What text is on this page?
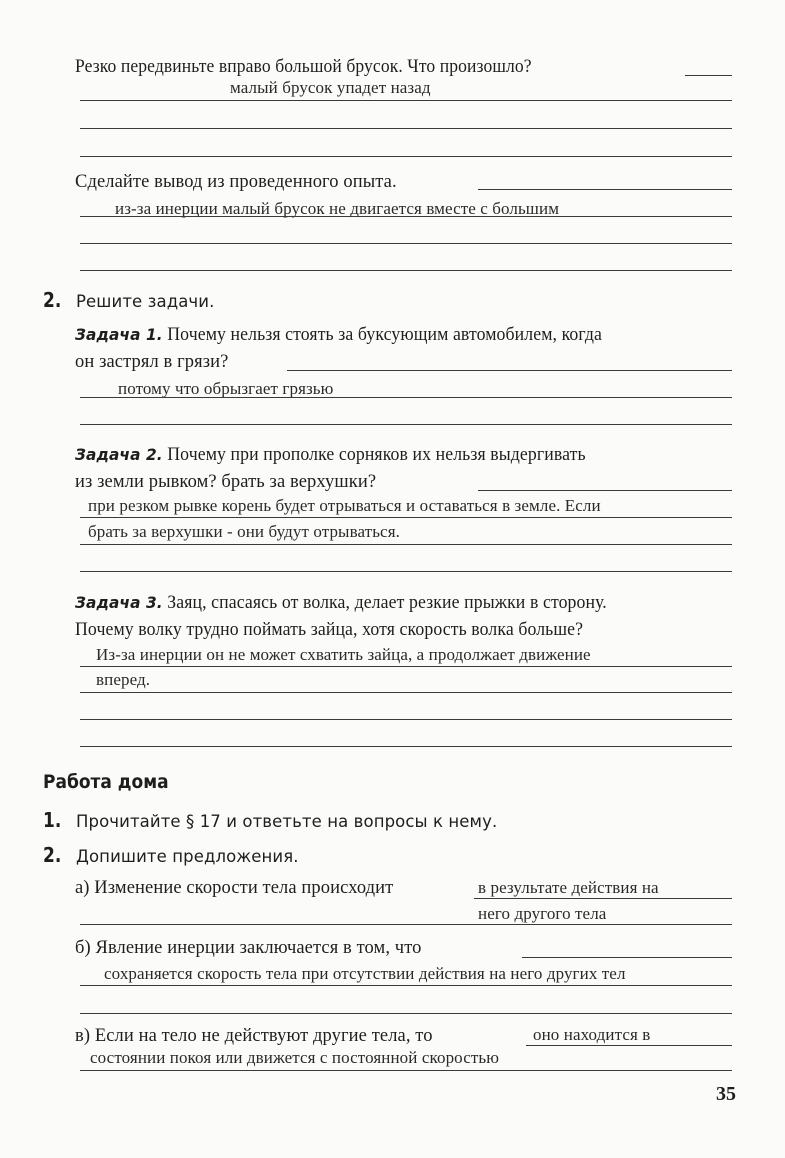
Резко передвиньте вправо большой брусок. Что произошло?
малый брусок упадет назад
Сделайте вывод из проведенного опыта.
из-за инерции малый брусок не двигается вместе с большим
2. Решите задачи.
Задача 1. Почему нельзя стоять за буксующим автомобилем, когда
он застрял в грязи?
потому что обрызгает грязью
Задача 2. Почему при прополке сорняков их нельзя выдергивать
из земли рывком? брать за верхушки?
при резком рывке корень будет отрываться и оставаться в земле. Если
брать за верхушки - они будут отрываться.
Задача 3. Заяц, спасаясь от волка, делает резкие прыжки в сторону.
Почему волку трудно поймать зайца, хотя скорость волка больше?
Из-за инерции он не может схватить зайца, а продолжает движение
вперед.
Работа дома
1. Прочитайте § 17 и ответьте на вопросы к нему.
2. Допишите предложения.
а) Изменение скорости тела происходит	в результате действия на
него другого тела
б) Явление инерции заключается в том, что
сохраняется скорость тела при отсутствии действия на него других тел
в) Если на тело не действуют другие тела, то	оно находится в
состоянии покоя или движется с постоянной скоростью
35
